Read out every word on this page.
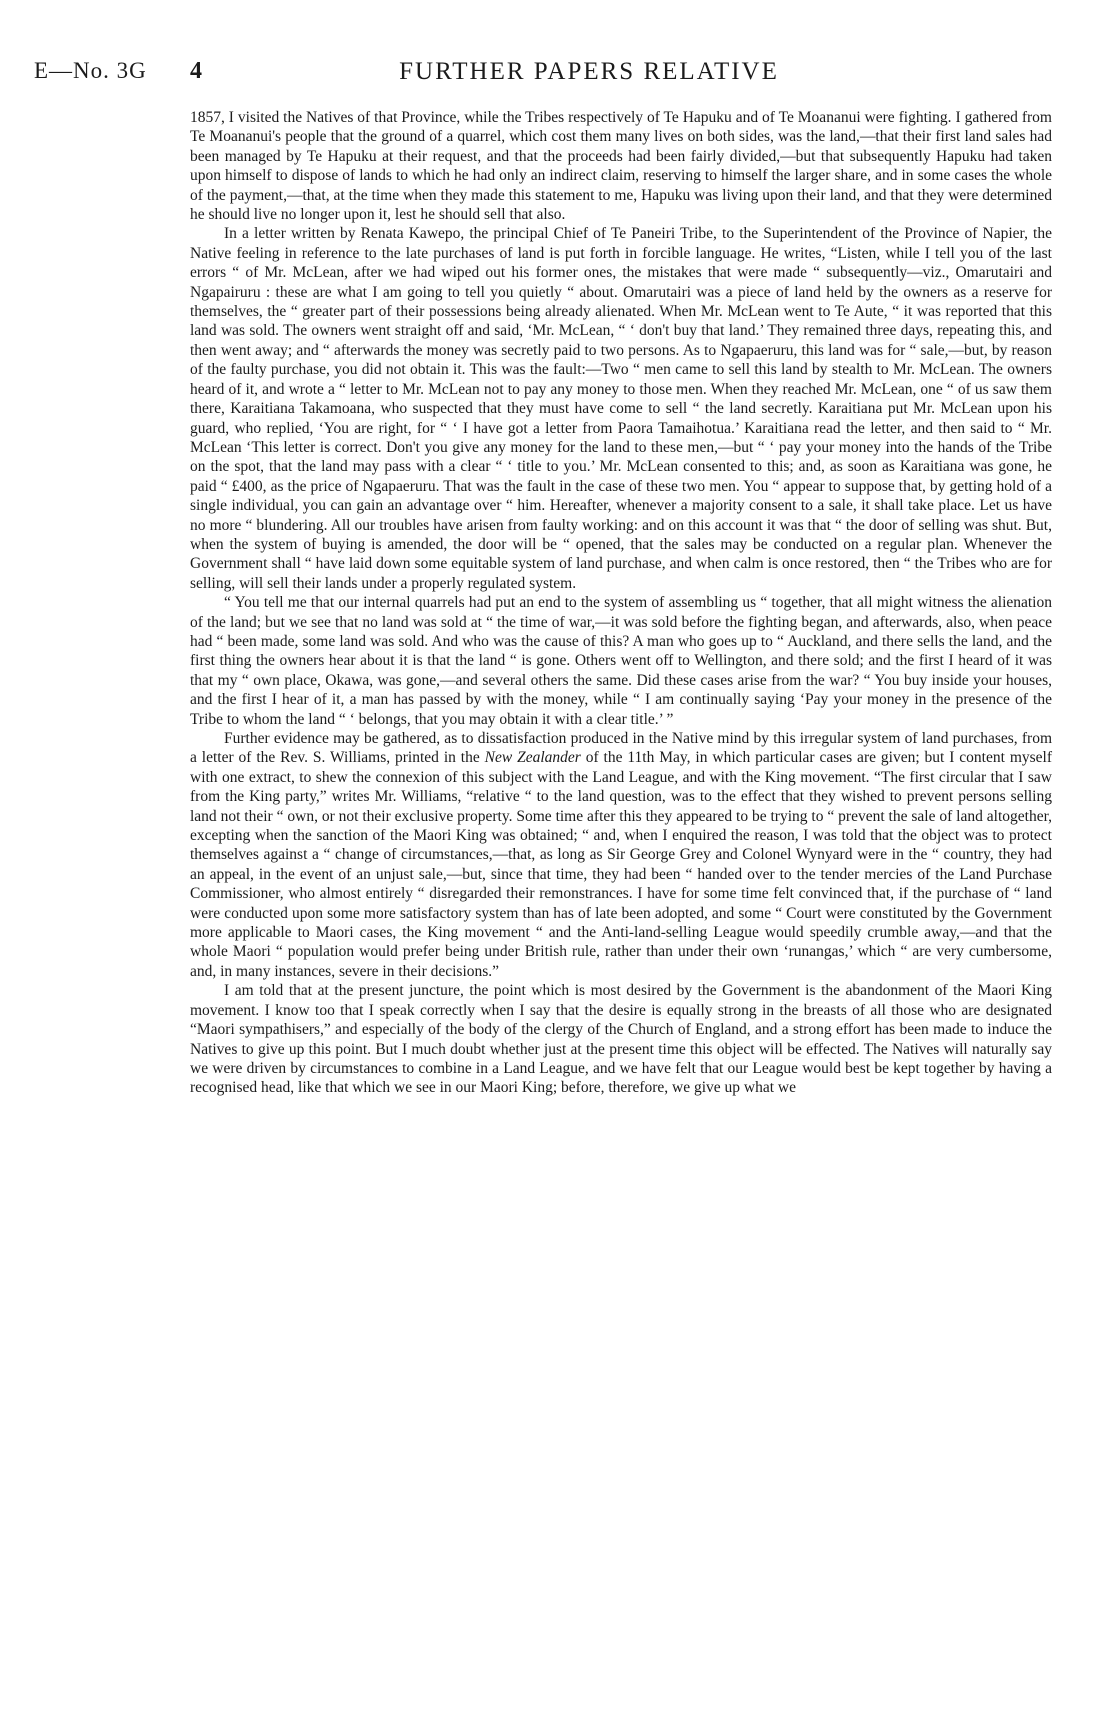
E—No. 3G 4	FURTHER PAPERS RELATIVE

1857, I visited the Natives of that Province, while the Tribes respectively of Te Hapuku and of Te Moananui were fighting. I gathered from Te Moananui's people that the ground of a quarrel, which cost them many lives on both sides, was the land,—that their first land sales had been managed by Te Hapuku at their request, and that the proceeds had been fairly divided,—but that subsequently Hapuku had taken upon himself to dispose of lands to which he had only an indirect claim, reserving to himself the larger share, and in some cases the whole of the payment,—that, at the time when they made this statement to me, Hapuku was living upon their land, and that they were determined he should live no longer upon it, lest he should sell that also.

In a letter written by Renata Kawepo, the principal Chief of Te Paneiri Tribe, to the Superintendent of the Province of Napier, the Native feeling in reference to the late purchases of land is put forth in forcible language. He writes, “Listen, while I tell you of the last errors “ of Mr. McLean, after we had wiped out his former ones, the mistakes that were made “ subsequently—viz., Omarutairi and Ngapairuru : these are what I am going to tell you quietly “ about. Omarutairi was a piece of land held by the owners as a reserve for themselves, the “ greater part of their possessions being already alienated. When Mr. McLean went to Te Aute, “ it was reported that this land was sold. The owners went straight off and said, ‘Mr. McLean, “ ‘ don't buy that land.’ They remained three days, repeating this, and then went away; and “ afterwards the money was secretly paid to two persons. As to Ngapaeruru, this land was for “ sale,—but, by reason of the faulty purchase, you did not obtain it. This was the fault:—Two “ men came to sell this land by stealth to Mr. McLean. The owners heard of it, and wrote a “ letter to Mr. McLean not to pay any money to those men. When they reached Mr. McLean, one “ of us saw them there, Karaitiana Takamoana, who suspected that they must have come to sell “ the land secretly. Karaitiana put Mr. McLean upon his guard, who replied, ‘You are right, for “ ‘ I have got a letter from Paora Tamaihotua.’ Karaitiana read the letter, and then said to “ Mr. McLean ‘This letter is correct. Don't you give any money for the land to these men,—but “ ‘ pay your money into the hands of the Tribe on the spot, that the land may pass with a clear “ ‘ title to you.’ Mr. McLean consented to this; and, as soon as Karaitiana was gone, he paid “ £400, as the price of Ngapaeruru. That was the fault in the case of these two men. You “ appear to suppose that, by getting hold of a single individual, you can gain an advantage over “ him. Hereafter, whenever a majority consent to a sale, it shall take place. Let us have no more “ blundering. All our troubles have arisen from faulty working: and on this account it was that “ the door of selling was shut. But, when the system of buying is amended, the door will be “ opened, that the sales may be conducted on a regular plan. Whenever the Government shall “ have laid down some equitable system of land purchase, and when calm is once restored, then “ the Tribes who are for selling, will sell their lands under a properly regulated system.

“ You tell me that our internal quarrels had put an end to the system of assembling us “ together, that all might witness the alienation of the land; but we see that no land was sold at “ the time of war,—it was sold before the fighting began, and afterwards, also, when peace had “ been made, some land was sold. And who was the cause of this? A man who goes up to “ Auckland, and there sells the land, and the first thing the owners hear about it is that the land “ is gone. Others went off to Wellington, and there sold; and the first I heard of it was that my “ own place, Okawa, was gone,—and several others the same. Did these cases arise from the war? “ You buy inside your houses, and the first I hear of it, a man has passed by with the money, while “ I am continually saying ‘Pay your money in the presence of the Tribe to whom the land “ ‘ belongs, that you may obtain it with a clear title.’ ”

Further evidence may be gathered, as to dissatisfaction produced in the Native mind by this irregular system of land purchases, from a letter of the Rev. S. Williams, printed in the New Zealander of the 11th May, in which particular cases are given; but I content myself with one extract, to shew the connexion of this subject with the Land League, and with the King movement. “The first circular that I saw from the King party,” writes Mr. Williams, “relative “ to the land question, was to the effect that they wished to prevent persons selling land not their “ own, or not their exclusive property. Some time after this they appeared to be trying to “ prevent the sale of land altogether, excepting when the sanction of the Maori King was obtained; “ and, when I enquired the reason, I was told that the object was to protect themselves against a “ change of circumstances,—that, as long as Sir George Grey and Colonel Wynyard were in the “ country, they had an appeal, in the event of an unjust sale,—but, since that time, they had been “ handed over to the tender mercies of the Land Purchase Commissioner, who almost entirely “ disregarded their remonstrances. I have for some time felt convinced that, if the purchase of “ land were conducted upon some more satisfactory system than has of late been adopted, and some “ Court were constituted by the Government more applicable to Maori cases, the King movement “ and the Anti-land-selling League would speedily crumble away,—and that the whole Maori “ population would prefer being under British rule, rather than under their own ‘runangas,’ which “ are very cumbersome, and, in many instances, severe in their decisions.”

I am told that at the present juncture, the point which is most desired by the Government is the abandonment of the Maori King movement. I know too that I speak correctly when I say that the desire is equally strong in the breasts of all those who are designated “Maori sympathisers,” and especially of the body of the clergy of the Church of England, and a strong effort has been made to induce the Natives to give up this point. But I much doubt whether just at the present time this object will be effected. The Natives will naturally say we were driven by circumstances to combine in a Land League, and we have felt that our League would best be kept together by having a recognised head, like that which we see in our Maori King; before, therefore, we give up what we
